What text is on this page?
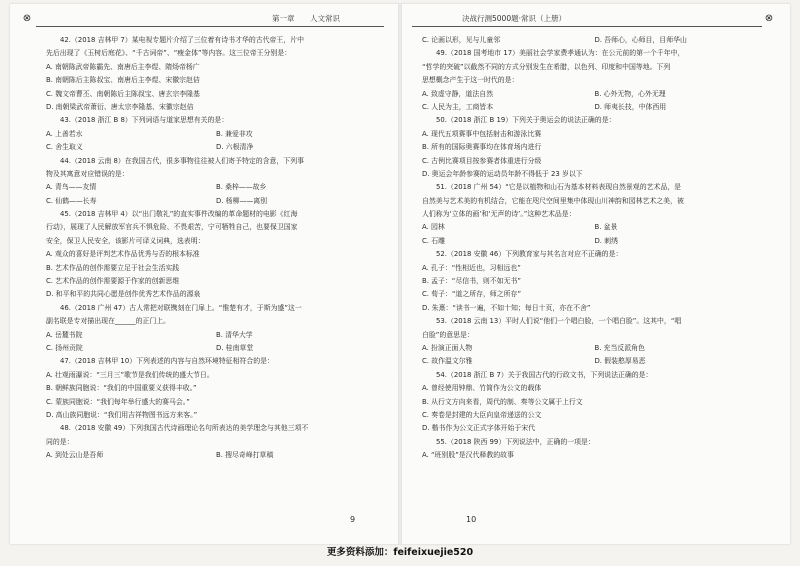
⊗	第一章 人文常识
42.（2018 吉林甲 7）某电视专题片介绍了三位着有诗书才华的古代帝王，片中
先后出现了《玉树后庭花》、“千古词帝”、“瘦金体”等内容。这三位帝王分别是：
A. 南朝陈武帝陈霸先、南唐后主李煜、隋炀帝杨广
B. 南朝陈后主陈叔宝、南唐后主李煜、宋徽宗赵佶
C. 魏文帝曹丕、南朝陈后主陈叔宝、唐玄宗李隆基
D. 南朝梁武帝萧衍、唐太宗李隆基、宋徽宗赵佶
43.（2018 浙江 B 8）下列词语与道家思想有关的是：
A. 上善若水	B. 兼爱非攻
C. 舍生取义	D. 六根清净
44.（2018 云南 8）在我国古代，很多事物往往被人们寄予特定的含意，下列事
物及其寓意对应错误的是：
A. 青鸟——友情	B. 桑梓——故乡
C. 仙鹤——长寿	D. 杨柳——离别
45.（2018 吉林甲 4）以“出门敬礼”的直实事件改编的革命题材的电影《红海
行动》，展现了人民解放军官兵不惧危险、不畏艰苦，宁可牺牲自己，也要保卫国家
安全，保卫人民安全，该影片可译义词典，选表明：
A. 观众的喜好是评判艺术作品优秀与否的根本标准
B. 艺术作品的创作需要立足于社会生活实践
C. 艺术作品的创作需要源于作家的创新思维
D. 和平和平的共同心愿是创作优秀艺术作品的源泉
46.（2018 广州 47）古人常把对联镌刻在门扉上。“惟楚有才，于斯为盛”这一
副名联是专对描出现在______的正门上。
A. 岳麓书院	B. 清华大学
C. 扬州贡院	D. 桂南草堂
47.（2018 吉林甲 10）下列表述的内容与自然环境特征相符合的是：
A. 壮观雨瀑说：“三月三”歌节是我们传统的盛大节日。
B. 朝鲜族同胞说：“我们的中国重要义获得丰收。”
C. 蒙族同胞说：“我们每年举行盛大的赛马会。”
D. 高山族同胞说：“我们用吉祥物图书远方来客。”
48.（2018 安徽 49）下列我国古代诗画理论名句所表达的美学理念与其他三项不
同的是：
A. 到处云山是吾师	B. 搜尽奇峰打草稿
9
决战行测5000题·常识（上册）	⊗
C. 论画以形，见与儿童邻	D. 吾师心，心师目，目师华山
49.（2018 国考地市 17）美丽社会学家费孝通认为：在公元前的第一个千年中，
“哲学的突破”以截然不同的方式分别发生在希腊，以色列、印度和中国等地。下列
思想概念产生于这一时代的是：
A. 致虚守静，道法自然	B. 心外无物，心外无理
C. 人民为主，工商皆本	D. 师夷长技，中体西用
50.（2018 浙江 B 19）下列关于奥运会的说法正确的是：
A. 现代五项赛事中包括射击和游泳比赛
B. 所有的国际奥赛事均在体育场内进行
C. 古例比赛项目按参赛者体重进行分级
D. 奥运会年龄参赛的运动员年龄不得低于 23 岁以下
51.（2018 广州 54）“它是以植物和山石为基本材料表现自然景观的艺术品，是
自然美与艺术美的有机结合，它能在咫尺空间里集中体现山川神韵和园林艺术之美，被
人们称为‘立体的画’和‘无声的诗’。”这种艺术品是：
A. 园林	B. 盆景
C. 石雕	D. 刺绣
52.（2018 安徽 46）下列教育家与其名言对应不正确的是：
A. 孔子：“性相近也，习相远也”
B. 孟子：“尽信书，则不如无书”
C. 荀子：“道之所存，师之所存”
D. 朱熹：“读书一遍，不如十知；每日十页，亦在不舍”
53.（2018 云南 13）平时人们说“他们一个唱白脸，一个唱白脸”。这其中，“唱
白脸”的意思是：
A. 扮演正面人物	B. 充当反派角色
C. 故作温文尔雅	D. 假装憨厚易恶
54.（2018 浙江 B 7）关于我国古代的行政文书，下列说法正确的是：
A. 曾经使用钟鼎、竹简作为公文的载体
B. 从行文方向来看，周代的制、奏等公文属于上行文
C. 奏卷是封建的大臣向皇帝递送的公文
D. 楷书作为公文正式字体开始于宋代
55.（2018 陕西 99）下列说法中，正确的一项是：
A. “班别股”是汉代释教的故事
10
更多资料添加：feifeixuejie520
